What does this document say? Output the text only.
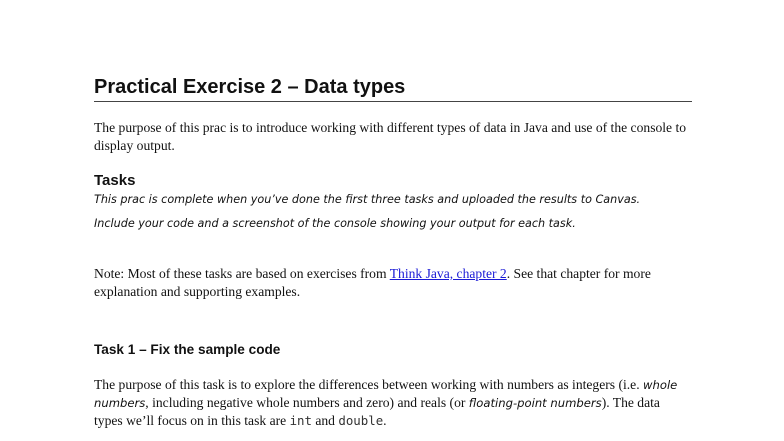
Practical Exercise 2 – Data types
The purpose of this prac is to introduce working with different types of data in Java and use of the console to display output.
Tasks
This prac is complete when you’ve done the first three tasks and uploaded the results to Canvas.
Include your code and a screenshot of the console showing your output for each task.
Note: Most of these tasks are based on exercises from Think Java, chapter 2. See that chapter for more explanation and supporting examples.
Task 1 – Fix the sample code
The purpose of this task is to explore the differences between working with numbers as integers (i.e. whole numbers, including negative whole numbers and zero) and reals (or floating-point numbers). The data types we’ll focus on in this task are int and double.
